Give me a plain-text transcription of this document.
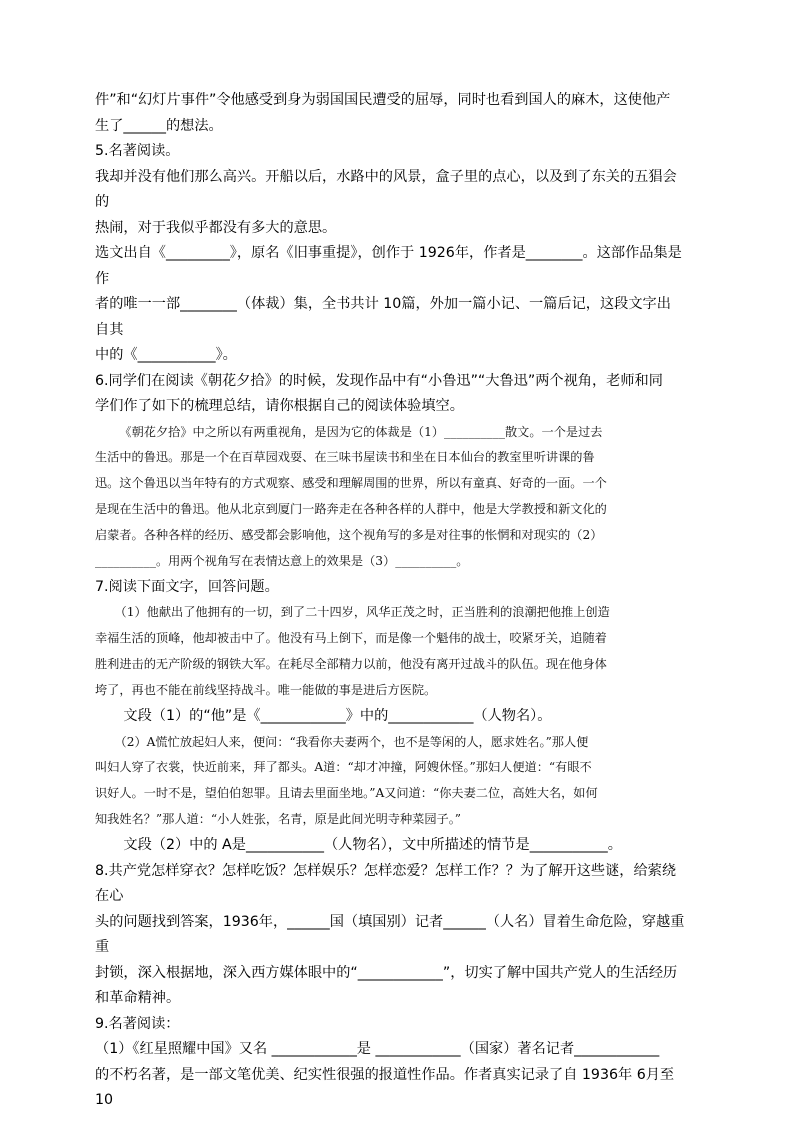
件”和“幻灯片事件”令他感受到身为弱国国民遭受的屈辱，同时也看到国人的麻木，这使他产

生了______的想法。

5.名著阅读。

我却并没有他们那么高兴。开船以后，水路中的风景，盒子里的点心，以及到了东关的五猖会的

热闹，对于我似乎都没有多大的意思。

选文出自《_________》，原名《旧事重提》，创作于 1926年，作者是________。这部作品集是作

者的唯一一部________（体裁）集，全书共计 10篇，外加一篇小记、一篇后记，这段文字出自其

中的《___________》。

6.同学们在阅读《朝花夕拾》的时候，发现作品中有“小鲁迅”“大鲁迅”两个视角，老师和同

学们作了如下的梳理总结，请你根据自己的阅读体验填空。

《朝花夕拾》中之所以有两重视角，是因为它的体裁是（1）__________散文。一个是过去

生活中的鲁迅。那是一个在百草园戏耍、在三味书屋读书和坐在日本仙台的教室里听讲课的鲁

迅。这个鲁迅以当年特有的方式观察、感受和理解周围的世界，所以有童真、好奇的一面。一个

是现在生活中的鲁迅。他从北京到厦门一路奔走在各种各样的人群中，他是大学教授和新文化的

启蒙者。各种各样的经历、感受都会影响他，这个视角写的多是对往事的怅惘和对现实的（2）

__________。用两个视角写在表情达意上的效果是（3）__________。

7.阅读下面文字，回答问题。

（1）他献出了他拥有的一切，到了二十四岁，风华正茂之时，正当胜利的浪潮把他推上创造

幸福生活的顶峰，他却被击中了。他没有马上倒下，而是像一个魁伟的战士，咬紧牙关，追随着

胜利进击的无产阶级的钢铁大军。在耗尽全部精力以前，他没有离开过战斗的队伍。现在他身体

垮了，再也不能在前线坚持战斗。唯一能做的事是进后方医院。

文段（1）的“他”是《____________》中的____________（人物名）。

（2）A慌忙放起妇人来，便问：“我看你夫妻两个，也不是等闲的人，愿求姓名。”那人便

叫妇人穿了衣裳，快近前来，拜了都头。A道：“却才冲撞，阿嫂休怪。”那妇人便道：“有眼不

识好人。一时不是，望伯伯恕罪。且请去里面坐地。”A又问道：“你夫妻二位，高姓大名，如何

知我姓名？”那人道：“小人姓张，名青，原是此间光明寺种菜园子。”

文段（2）中的 A是___________（人物名），文中所描述的情节是___________。

8.共产党怎样穿衣？怎样吃饭？怎样娱乐？怎样恋爱？怎样工作？？为了解开这些谜，给萦绕在心

头的问题找到答案，1936年，______国（填国别）记者______（人名）冒着生命危险，穿越重重

封锁，深入根据地，深入西方媒体眼中的“____________”，切实了解中国共产党人的生活经历

和革命精神。

9.名著阅读：

（1）《红星照耀中国》又名 ____________是 ____________（国家）著名记者____________

的不朽名著，是一部文笔优美、纪实性很强的报道性作品。作者真实记录了自 1936年 6月至 10
